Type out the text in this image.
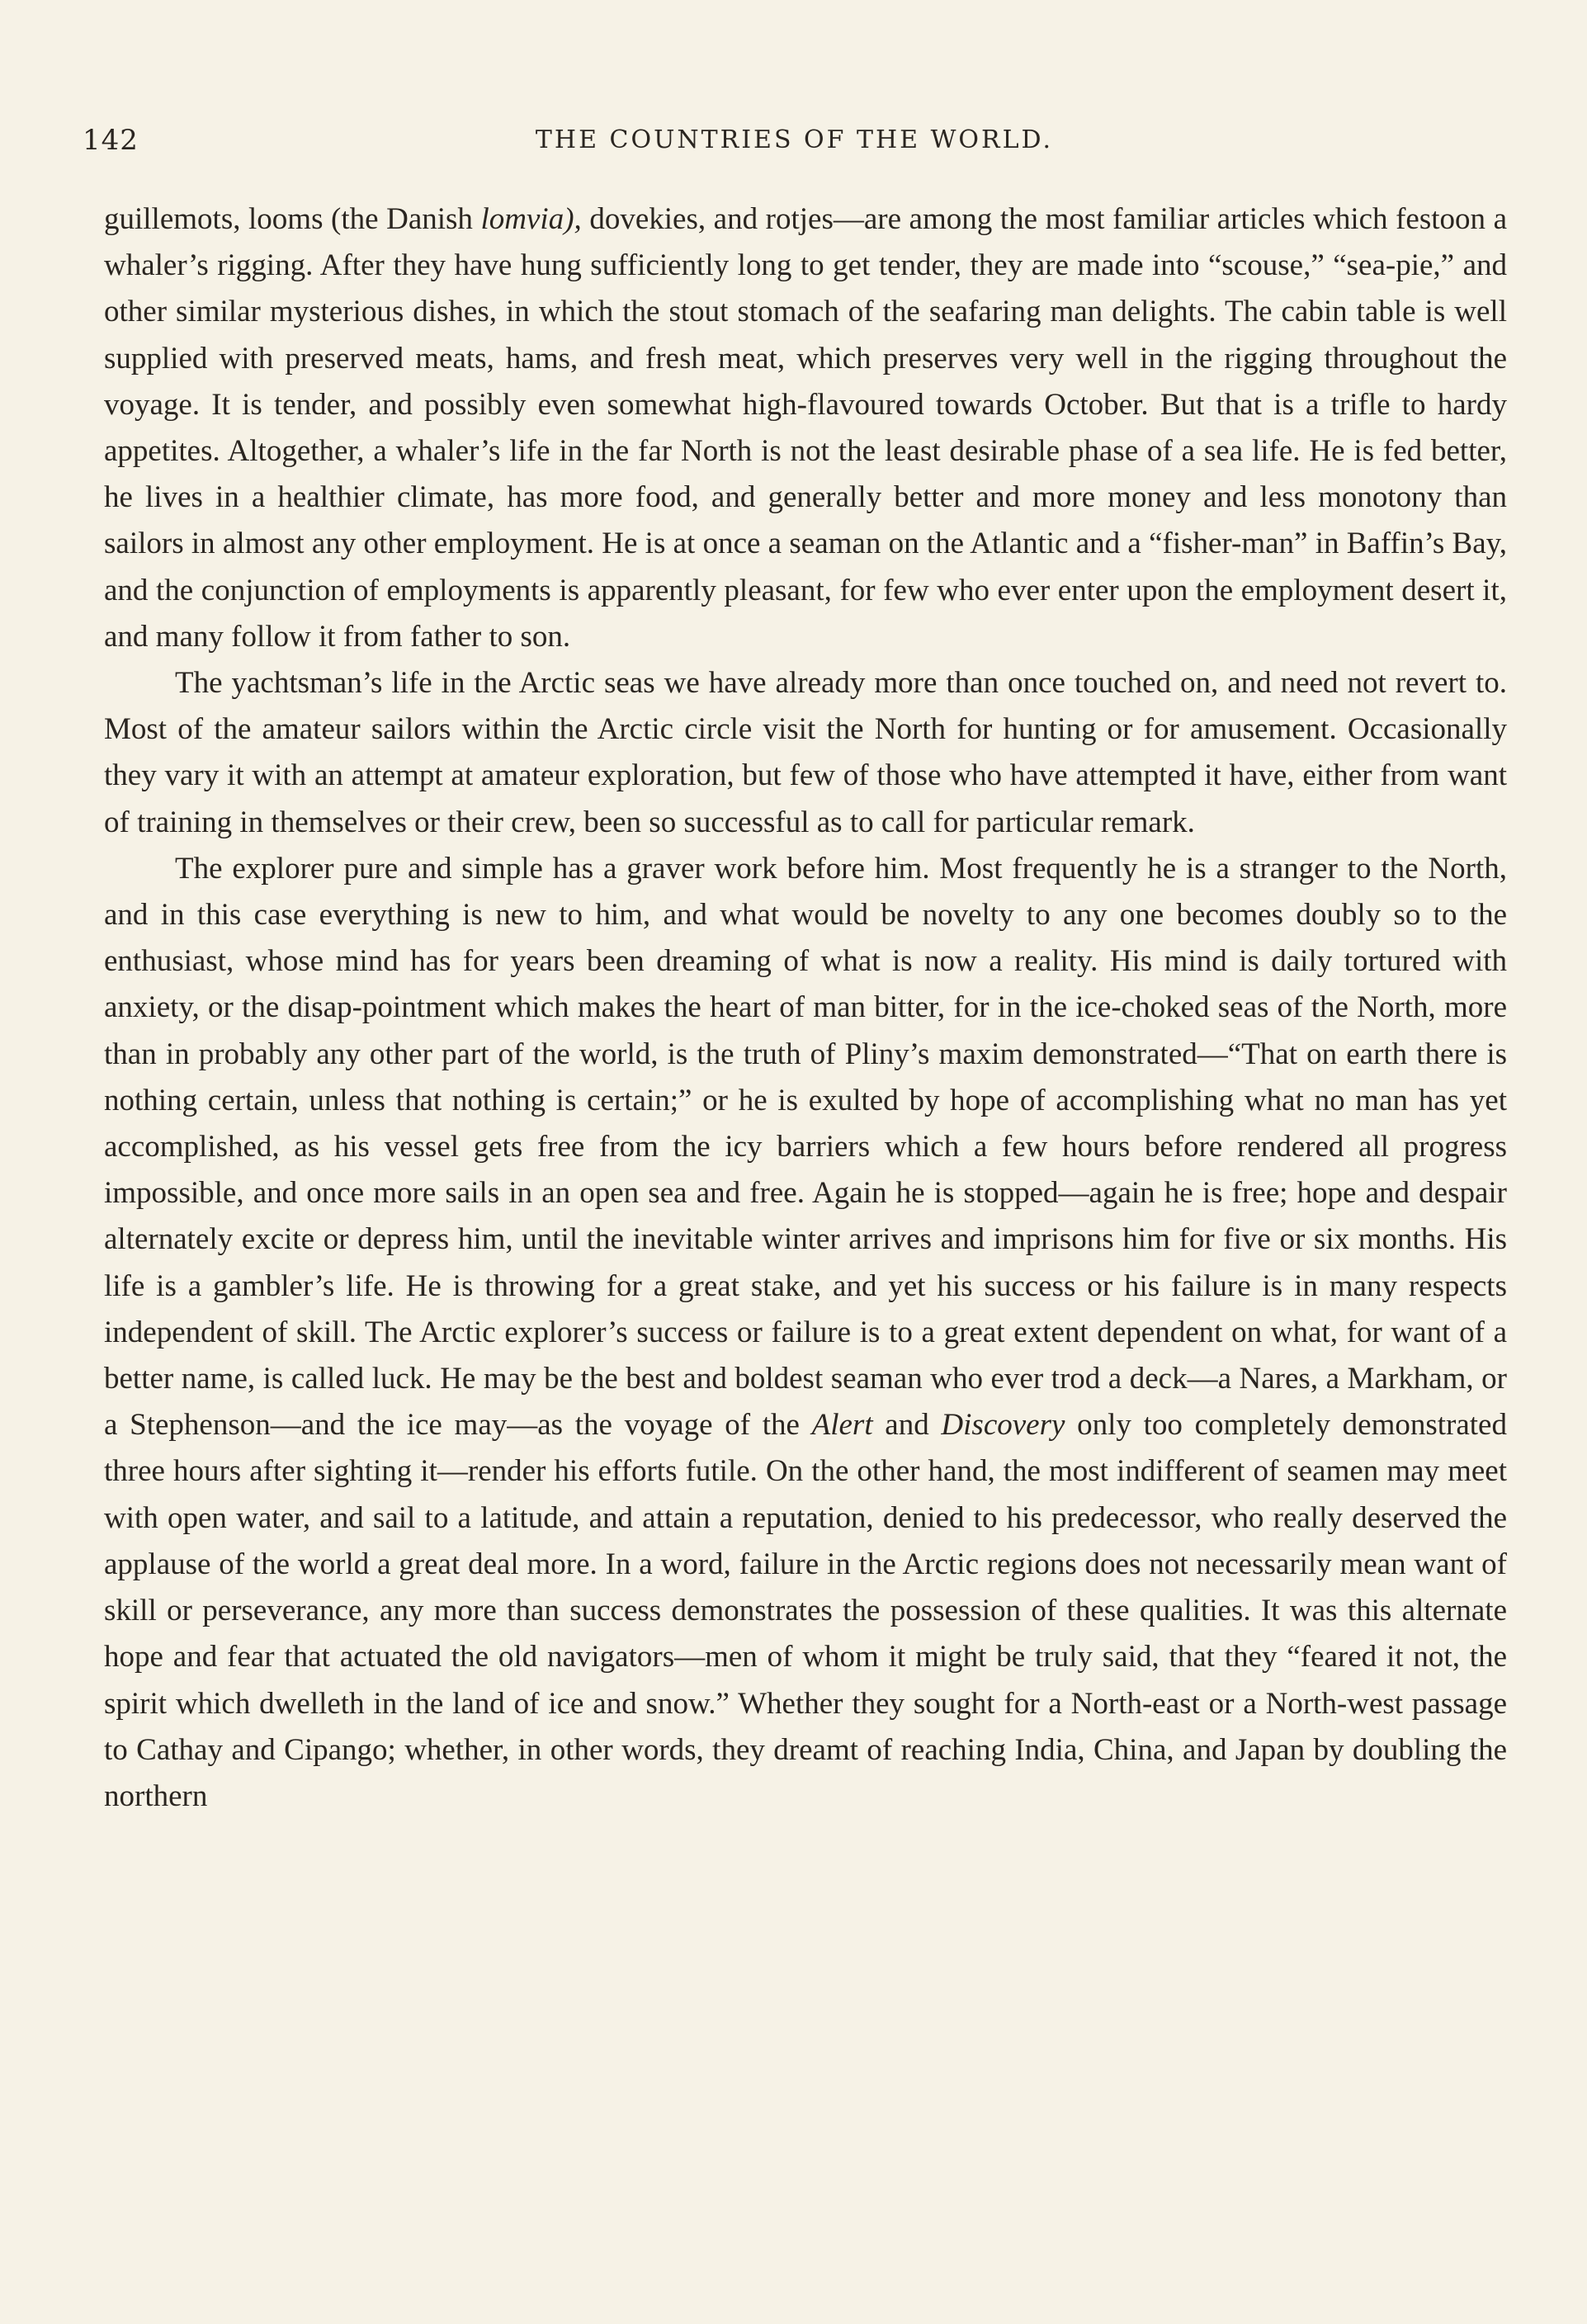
142	THE COUNTRIES OF THE WORLD.

guillemots, looms (the Danish lomvia), dovekies, and rotjes—are among the most familiar articles which festoon a whaler’s rigging. After they have hung sufficiently long to get tender, they are made into “scouse,” “sea-pie,” and other similar mysterious dishes, in which the stout stomach of the seafaring man delights. The cabin table is well supplied with preserved meats, hams, and fresh meat, which preserves very well in the rigging throughout the voyage. It is tender, and possibly even somewhat high-flavoured towards October. But that is a trifle to hardy appetites. Altogether, a whaler’s life in the far North is not the least desirable phase of a sea life. He is fed better, he lives in a healthier climate, has more food, and generally better and more money and less monotony than sailors in almost any other employment. He is at once a seaman on the Atlantic and a “fisher-man” in Baffin’s Bay, and the conjunction of employments is apparently pleasant, for few who ever enter upon the employment desert it, and many follow it from father to son.

The yachtsman’s life in the Arctic seas we have already more than once touched on, and need not revert to. Most of the amateur sailors within the Arctic circle visit the North for hunting or for amusement. Occasionally they vary it with an attempt at amateur exploration, but few of those who have attempted it have, either from want of training in themselves or their crew, been so successful as to call for particular remark.

The explorer pure and simple has a graver work before him. Most frequently he is a stranger to the North, and in this case everything is new to him, and what would be novelty to any one becomes doubly so to the enthusiast, whose mind has for years been dreaming of what is now a reality. His mind is daily tortured with anxiety, or the disap-pointment which makes the heart of man bitter, for in the ice-choked seas of the North, more than in probably any other part of the world, is the truth of Pliny’s maxim demonstrated—“That on earth there is nothing certain, unless that nothing is certain;” or he is exulted by hope of accomplishing what no man has yet accomplished, as his vessel gets free from the icy barriers which a few hours before rendered all progress impossible, and once more sails in an open sea and free. Again he is stopped—again he is free; hope and despair alternately excite or depress him, until the inevitable winter arrives and imprisons him for five or six months. His life is a gambler’s life. He is throwing for a great stake, and yet his success or his failure is in many respects independent of skill. The Arctic explorer’s success or failure is to a great extent dependent on what, for want of a better name, is called luck. He may be the best and boldest seaman who ever trod a deck—a Nares, a Markham, or a Stephenson—and the ice may—as the voyage of the Alert and Discovery only too completely demonstrated three hours after sighting it—render his efforts futile. On the other hand, the most indifferent of seamen may meet with open water, and sail to a latitude, and attain a reputation, denied to his predecessor, who really deserved the applause of the world a great deal more. In a word, failure in the Arctic regions does not necessarily mean want of skill or perseverance, any more than success demonstrates the possession of these qualities. It was this alternate hope and fear that actuated the old navigators—men of whom it might be truly said, that they “feared it not, the spirit which dwelleth in the land of ice and snow.” Whether they sought for a North-east or a North-west passage to Cathay and Cipango; whether, in other words, they dreamt of reaching India, China, and Japan by doubling the northern
